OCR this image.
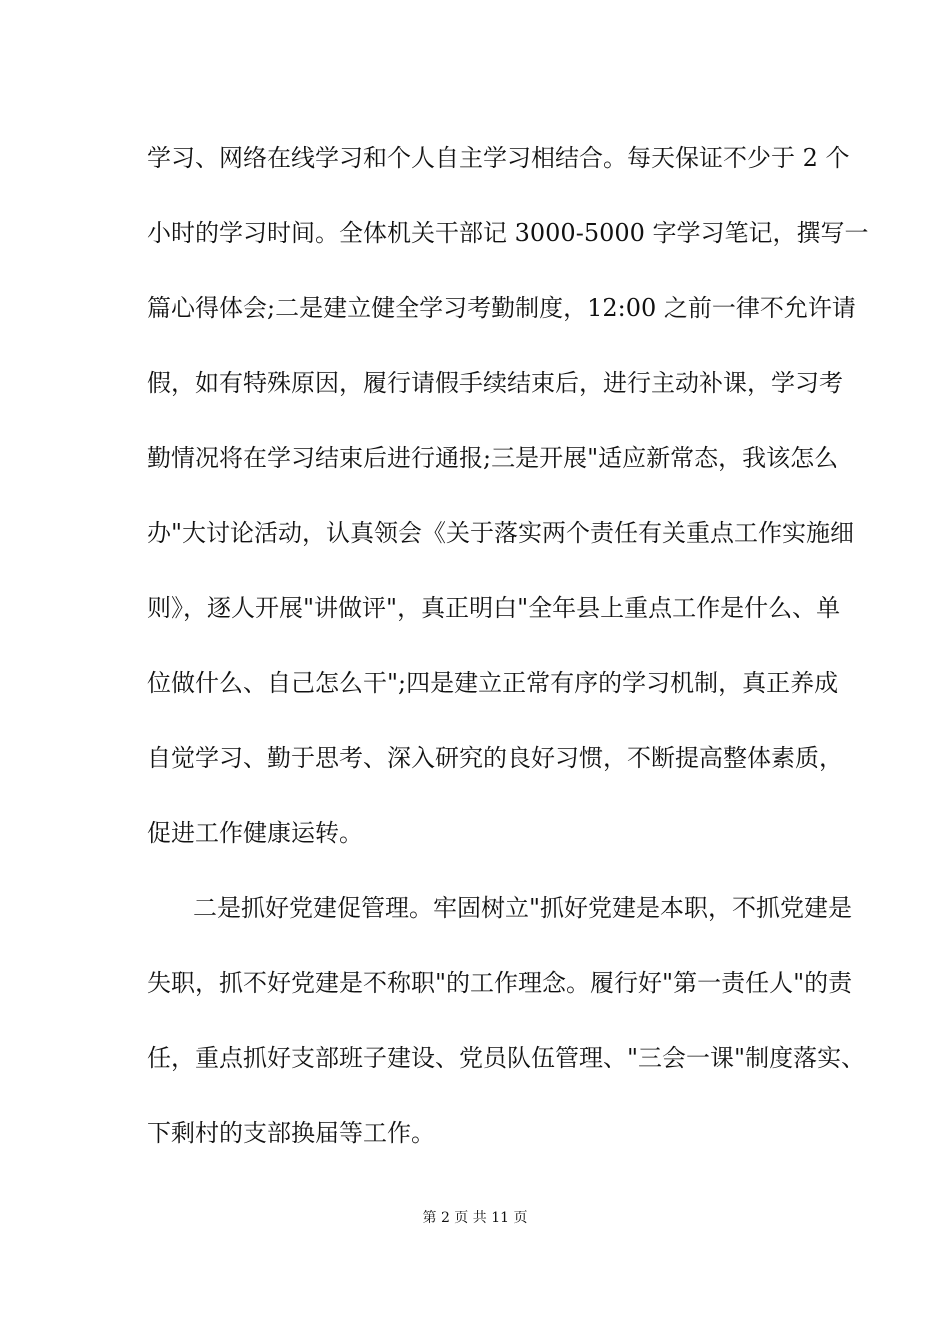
学习、网络在线学习和个人自主学习相结合。每天保证不少于 2 个
小时的学习时间。全体机关干部记 3000-5000 字学习笔记，撰写一
篇心得体会;二是建立健全学习考勤制度，12:00 之前一律不允许请
假，如有特殊原因，履行请假手续结束后，进行主动补课，学习考
勤情况将在学习结束后进行通报;三是开展"适应新常态，我该怎么
办"大讨论活动，认真领会《关于落实两个责任有关重点工作实施细
则》，逐人开展"讲做评"，真正明白"全年县上重点工作是什么、单
位做什么、自己怎么干";四是建立正常有序的学习机制，真正养成
自觉学习、勤于思考、深入研究的良好习惯，不断提高整体素质，
促进工作健康运转。
二是抓好党建促管理。牢固树立"抓好党建是本职，不抓党建是
失职，抓不好党建是不称职"的工作理念。履行好"第一责任人"的责
任，重点抓好支部班子建设、党员队伍管理、"三会一课"制度落实、
下剩村的支部换届等工作。
第 2 页 共 11 页
